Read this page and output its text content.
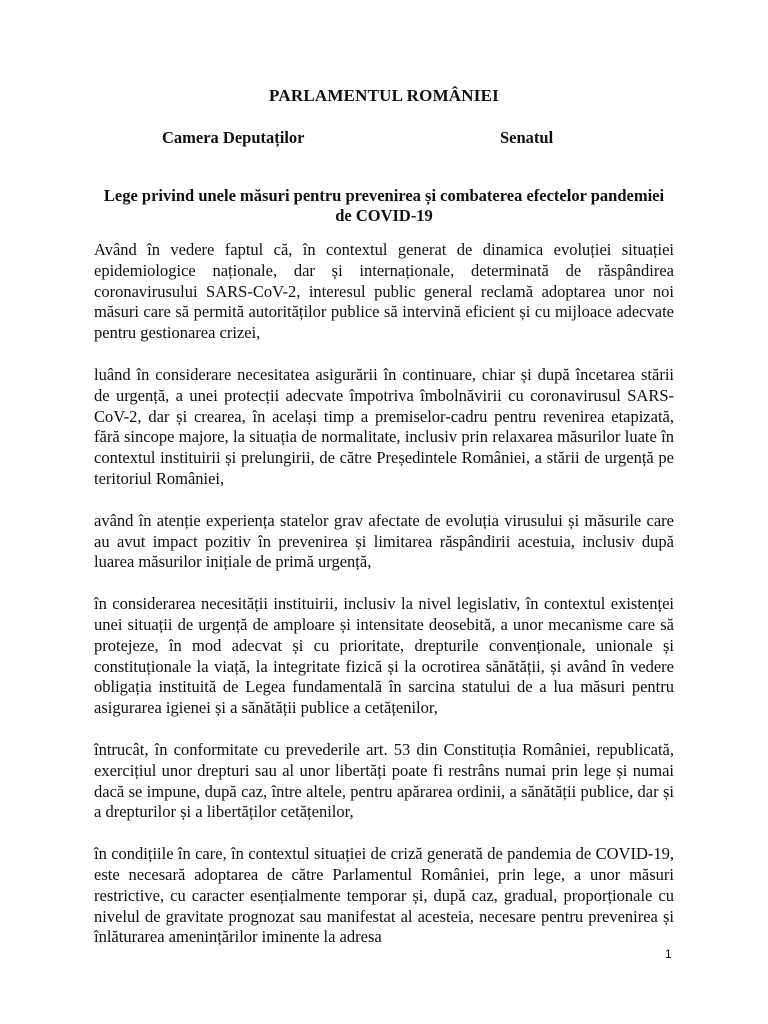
PARLAMENTUL ROMÂNIEI
Camera Deputaților	Senatul
Lege privind unele măsuri pentru prevenirea și combaterea efectelor pandemiei de COVID-19

Având în vedere faptul că, în contextul generat de dinamica evoluției situației epidemiologice naționale, dar și internaționale, determinată de răspândirea coronavirusului SARS-CoV-2, interesul public general reclamă adoptarea unor noi măsuri care să permită autorităților publice să intervină eficient și cu mijloace adecvate pentru gestionarea crizei,

luând în considerare necesitatea asigurării în continuare, chiar și după încetarea stării de urgență, a unei protecții adecvate împotriva îmbolnăvirii cu coronavirusul SARS-CoV-2, dar și crearea, în același timp a premiselor-cadru pentru revenirea etapizată, fără sincope majore, la situația de normalitate, inclusiv prin relaxarea măsurilor luate în contextul instituirii și prelungirii, de către Președintele României, a stării de urgență pe teritoriul României,

având în atenție experiența statelor grav afectate de evoluția virusului și măsurile care au avut impact pozitiv în prevenirea și limitarea răspândirii acestuia, inclusiv după luarea măsurilor inițiale de primă urgență,

în considerarea necesității instituirii, inclusiv la nivel legislativ, în contextul existenței unei situații de urgență de amploare și intensitate deosebită, a unor mecanisme care să protejeze, în mod adecvat și cu prioritate, drepturile convenționale, unionale și constituționale la viață, la integritate fizică și la ocrotirea sănătății, și având în vedere obligația instituită de Legea fundamentală în sarcina statului de a lua măsuri pentru asigurarea igienei și a sănătății publice a cetățenilor,

întrucât, în conformitate cu prevederile art. 53 din Constituția României, republicată, exercițiul unor drepturi sau al unor libertăți poate fi restrâns numai prin lege și numai dacă se impune, după caz, între altele, pentru apărarea ordinii, a sănătății publice, dar și a drepturilor și a libertăților cetățenilor,

în condițiile în care, în contextul situației de criză generată de pandemia de COVID-19, este necesară adoptarea de către Parlamentul României, prin lege, a unor măsuri restrictive, cu caracter esențialmente temporar și, după caz, gradual, proporționale cu nivelul de gravitate prognozat sau manifestat al acesteia, necesare pentru prevenirea și înlăturarea amenințărilor iminente la adresa

1
